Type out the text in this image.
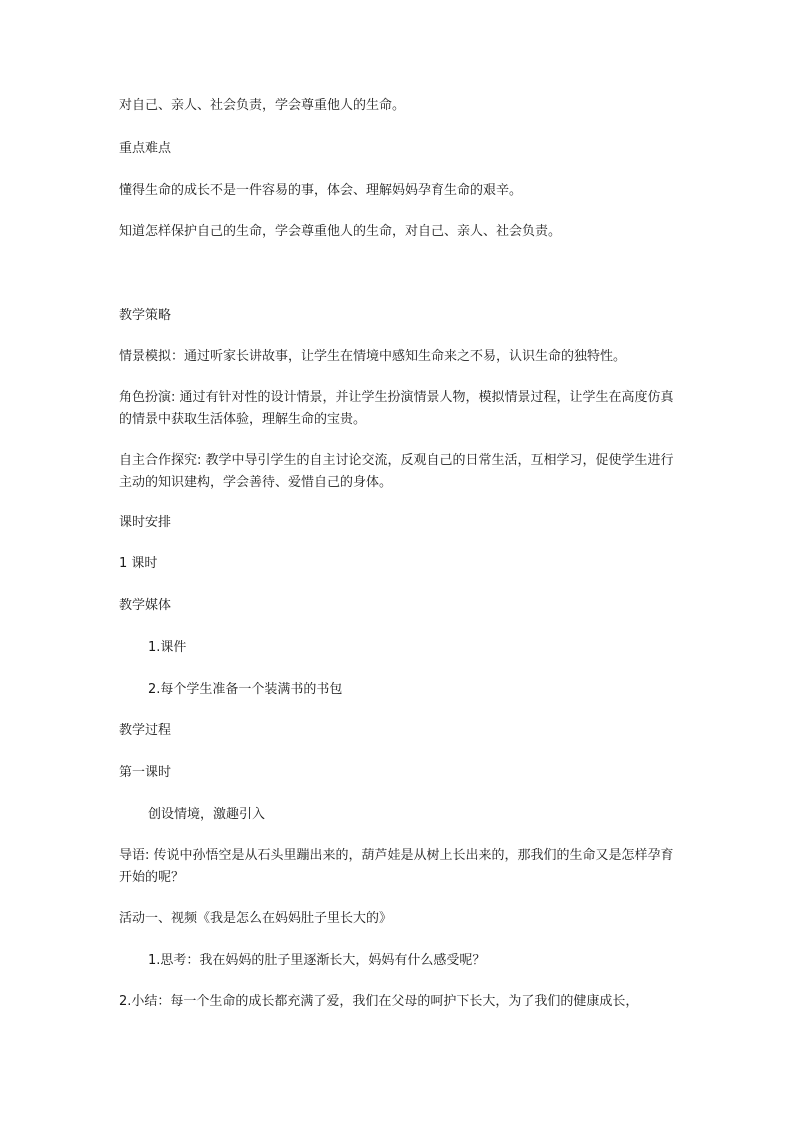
对自己、亲人、社会负责，学会尊重他人的生命。

重点难点

懂得生命的成长不是一件容易的事，体会、理解妈妈孕育生命的艰辛。

知道怎样保护自己的生命，学会尊重他人的生命，对自己、亲人、社会负责。

教学策略

情景模拟：通过听家长讲故事，让学生在情境中感知生命来之不易，认识生命的独特性。

角色扮演: 通过有针对性的设计情景，并让学生扮演情景人物，模拟情景过程，让学生在高度仿真的情景中获取生活体验，理解生命的宝贵。

自主合作探究: 教学中导引学生的自主讨论交流，反观自己的日常生活，互相学习，促使学生进行主动的知识建构，学会善待、爱惜自己的身体。

课时安排

1 课时

教学媒体

1.课件

2.每个学生准备一个装满书的书包

教学过程

第一课时

创设情境，激趣引入

导语: 传说中孙悟空是从石头里蹦出来的，葫芦娃是从树上长出来的，那我们的生命又是怎样孕育开始的呢？

活动一、视频《我是怎么在妈妈肚子里长大的》

1.思考：我在妈妈的肚子里逐渐长大，妈妈有什么感受呢？

2.小结：每一个生命的成长都充满了爱，我们在父母的呵护下长大，为了我们的健康成长，
